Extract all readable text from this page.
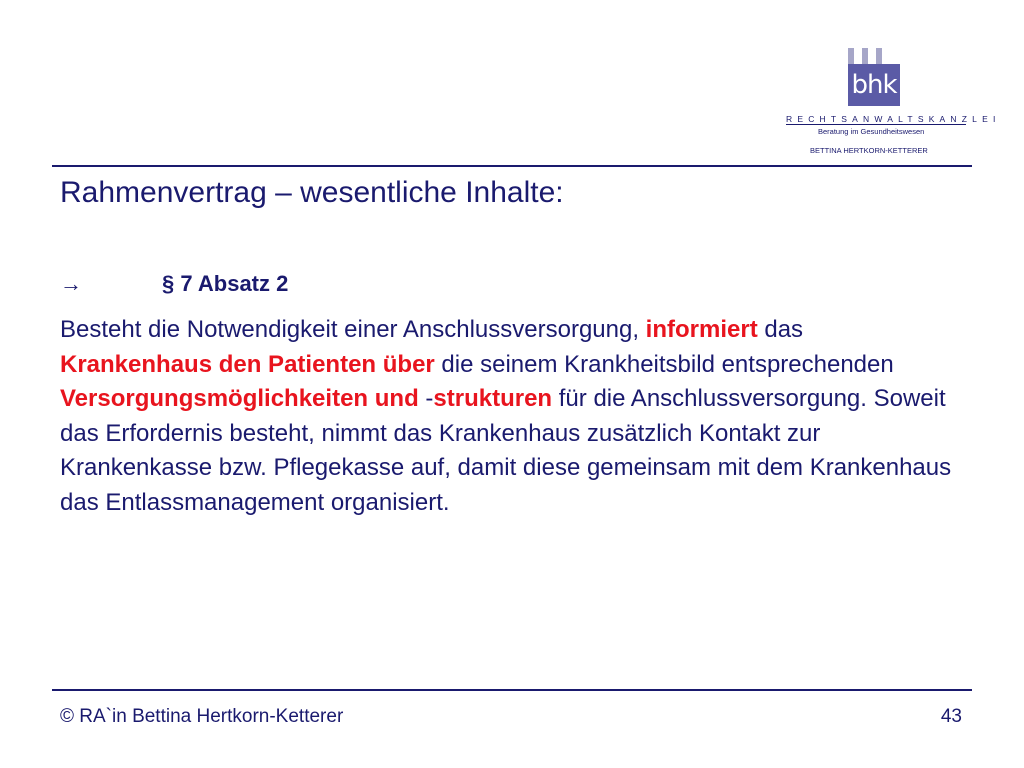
bhk
RECHTSANWALTSKANZLEI
Beratung im Gesundheitswesen
BETTINA HERTKORN-KETTERER
Rahmenvertrag – wesentliche Inhalte:
→	§ 7 Absatz 2
Besteht die Notwendigkeit einer Anschlussversorgung, informiert das Krankenhaus den Patienten über die seinem Krankheitsbild entsprechenden Versorgungsmöglichkeiten und -strukturen für die Anschlussversorgung. Soweit das Erfordernis besteht, nimmt das Krankenhaus zusätzlich Kontakt zur Krankenkasse bzw. Pflegekasse auf, damit diese gemeinsam mit dem Krankenhaus das Entlassmanagement organisiert.
© RA`in Bettina Hertkorn-Ketterer	43
